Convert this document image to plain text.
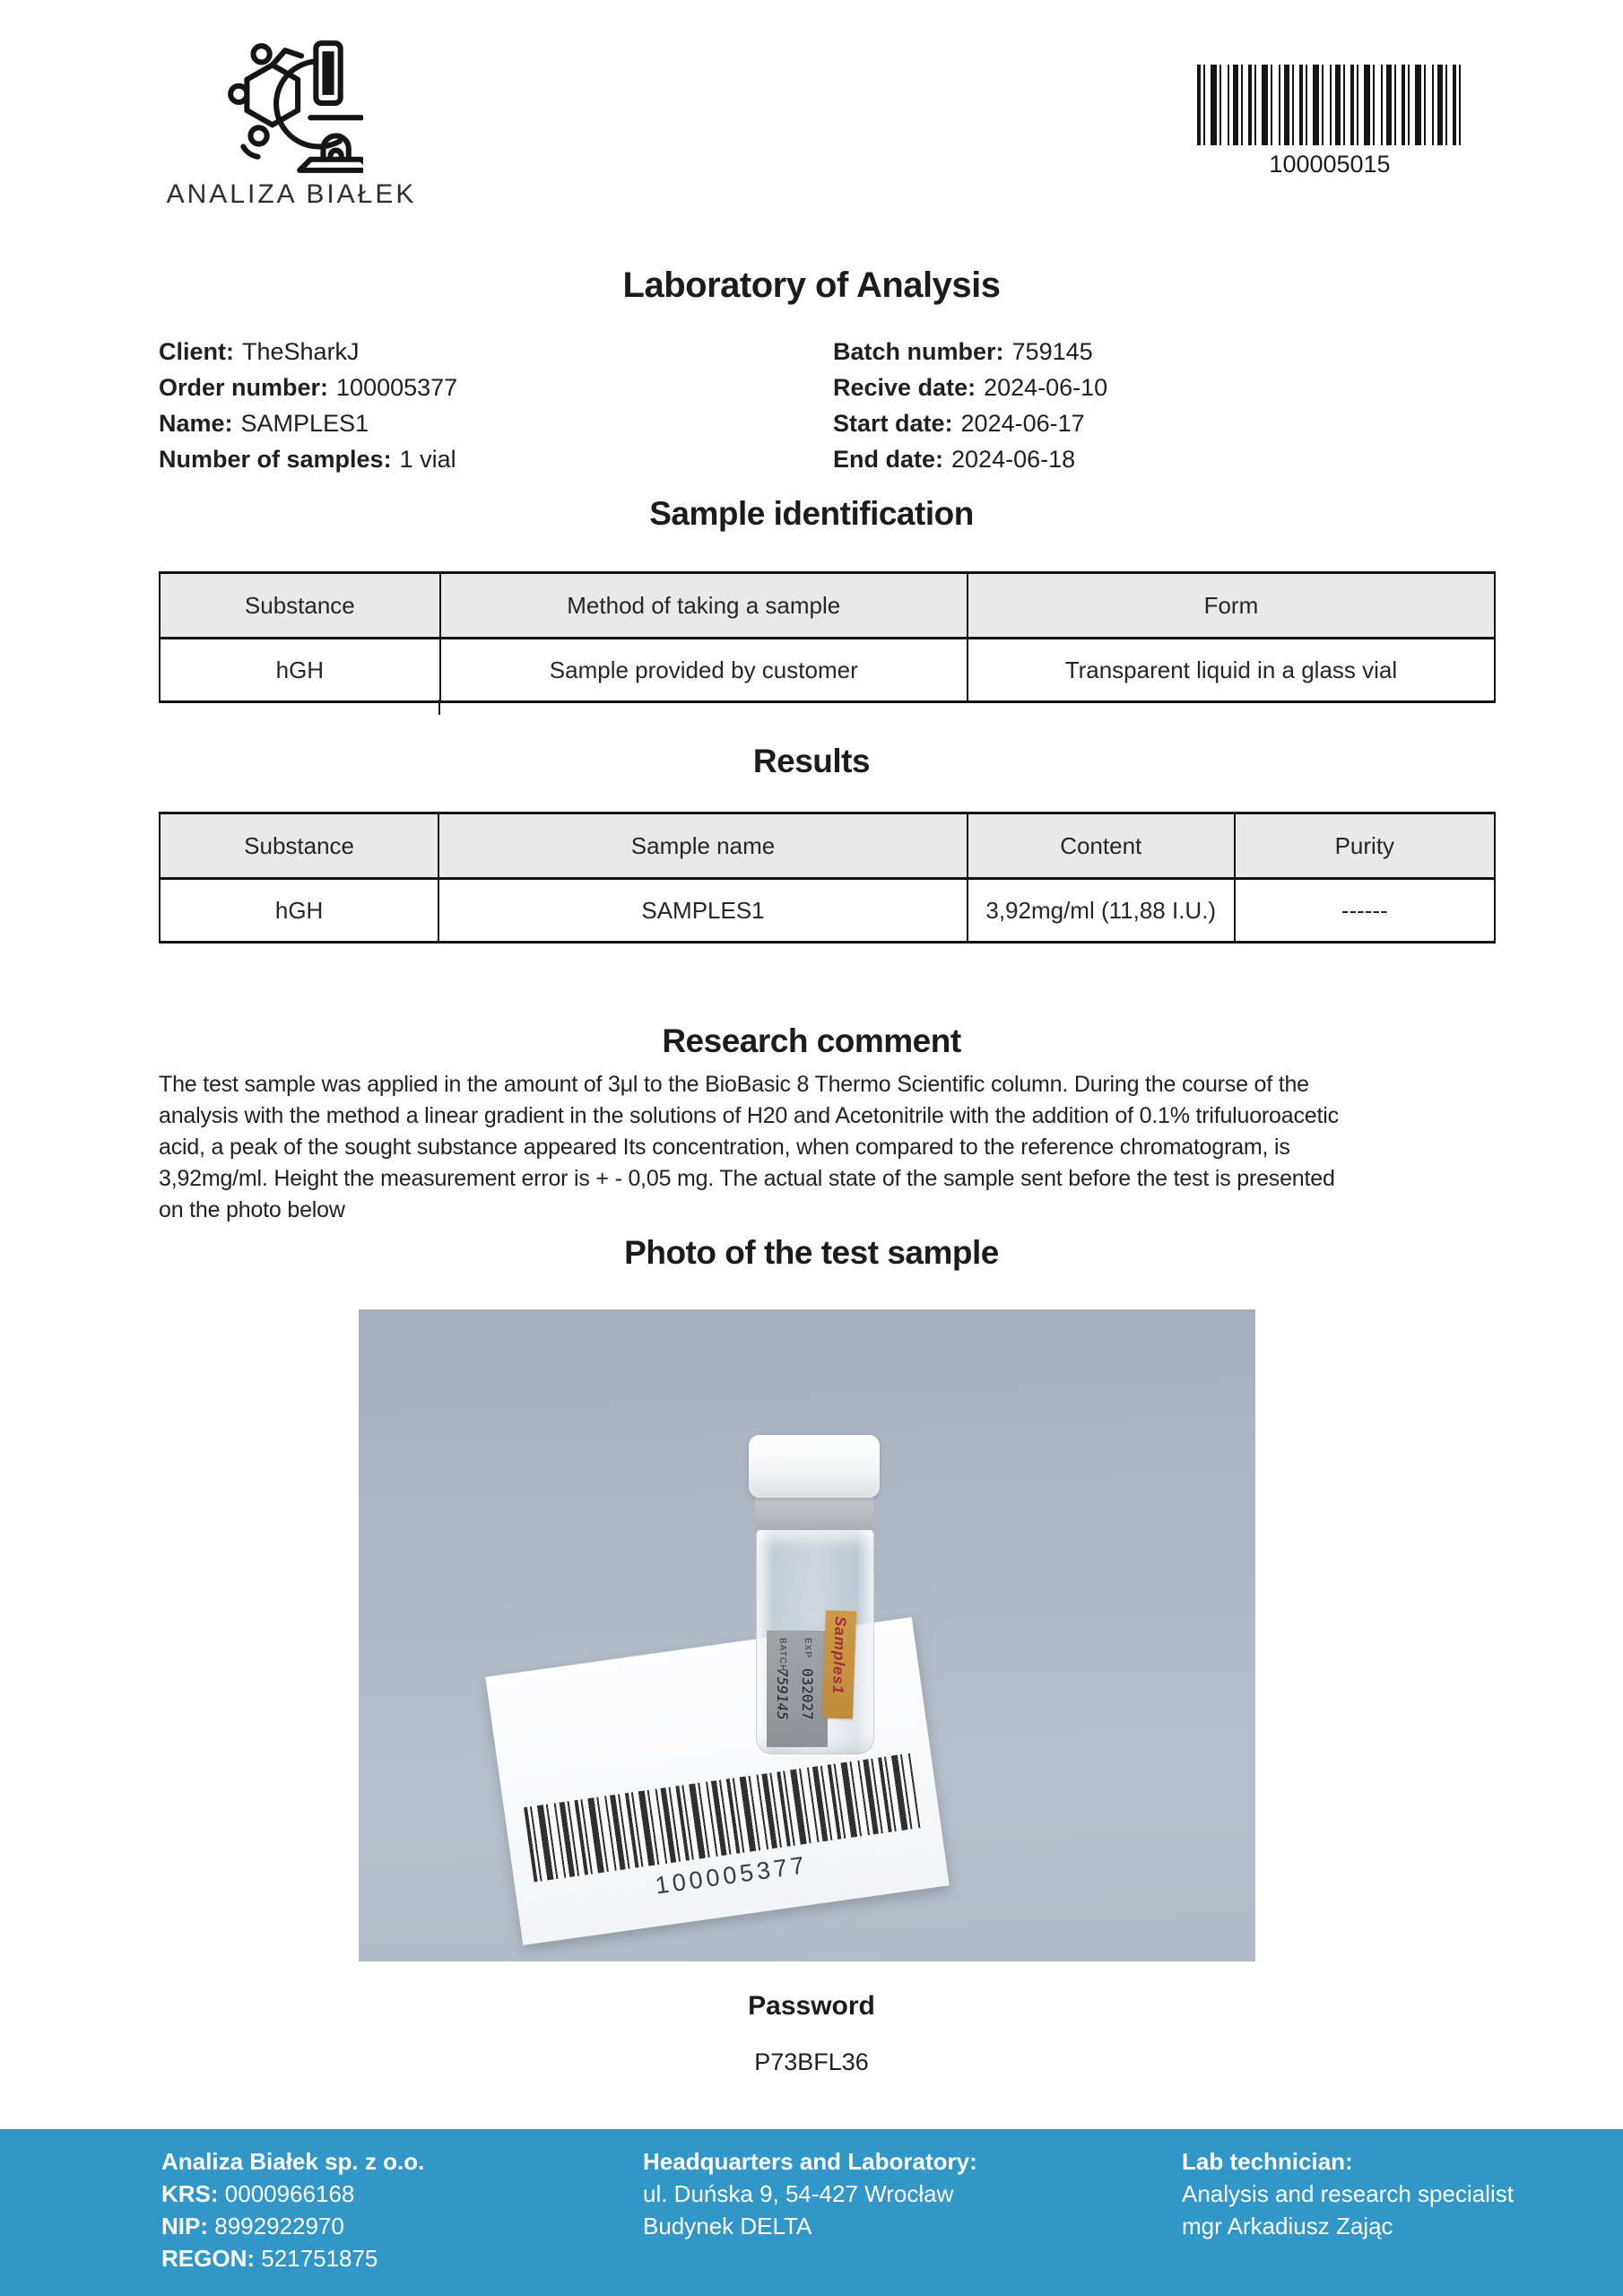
ANALIZA BIAŁEK
100005015
Laboratory of Analysis
Client: TheSharkJ
Order number: 100005377
Name: SAMPLES1
Number of samples: 1 vial
Batch number: 759145
Recive date: 2024-06-10
Start date: 2024-06-17
End date: 2024-06-18
Sample identification
Substance	Method of taking a sample	Form
hGH	Sample provided by customer	Transparent liquid in a glass vial
Results
Substance	Sample name	Content	Purity
hGH	SAMPLES1	3,92mg/ml (11,88 I.U.)	------
Research comment
The test sample was applied in the amount of 3μl to the BioBasic 8 Thermo Scientific column. During the course of the
analysis with the method a linear gradient in the solutions of H20 and Acetonitrile with the addition of 0.1% trifuluoroacetic
acid, a peak of the sought substance appeared Its concentration, when compared to the reference chromatogram, is
3,92mg/ml. Height the measurement error is + - 0,05 mg. The actual state of the sample sent before the test is presented
on the photo below
Photo of the test sample
100005377
EXP
BATCH
032027
759145	Samples1
Password
P73BFL36
Analiza Białek sp. z o.o.
KRS: 0000966168
NIP: 8992922970
REGON: 521751875
Headquarters and Laboratory:
ul. Duńska 9, 54-427 Wrocław
Budynek DELTA
Lab technician:
Analysis and research specialist
mgr Arkadiusz Zając
